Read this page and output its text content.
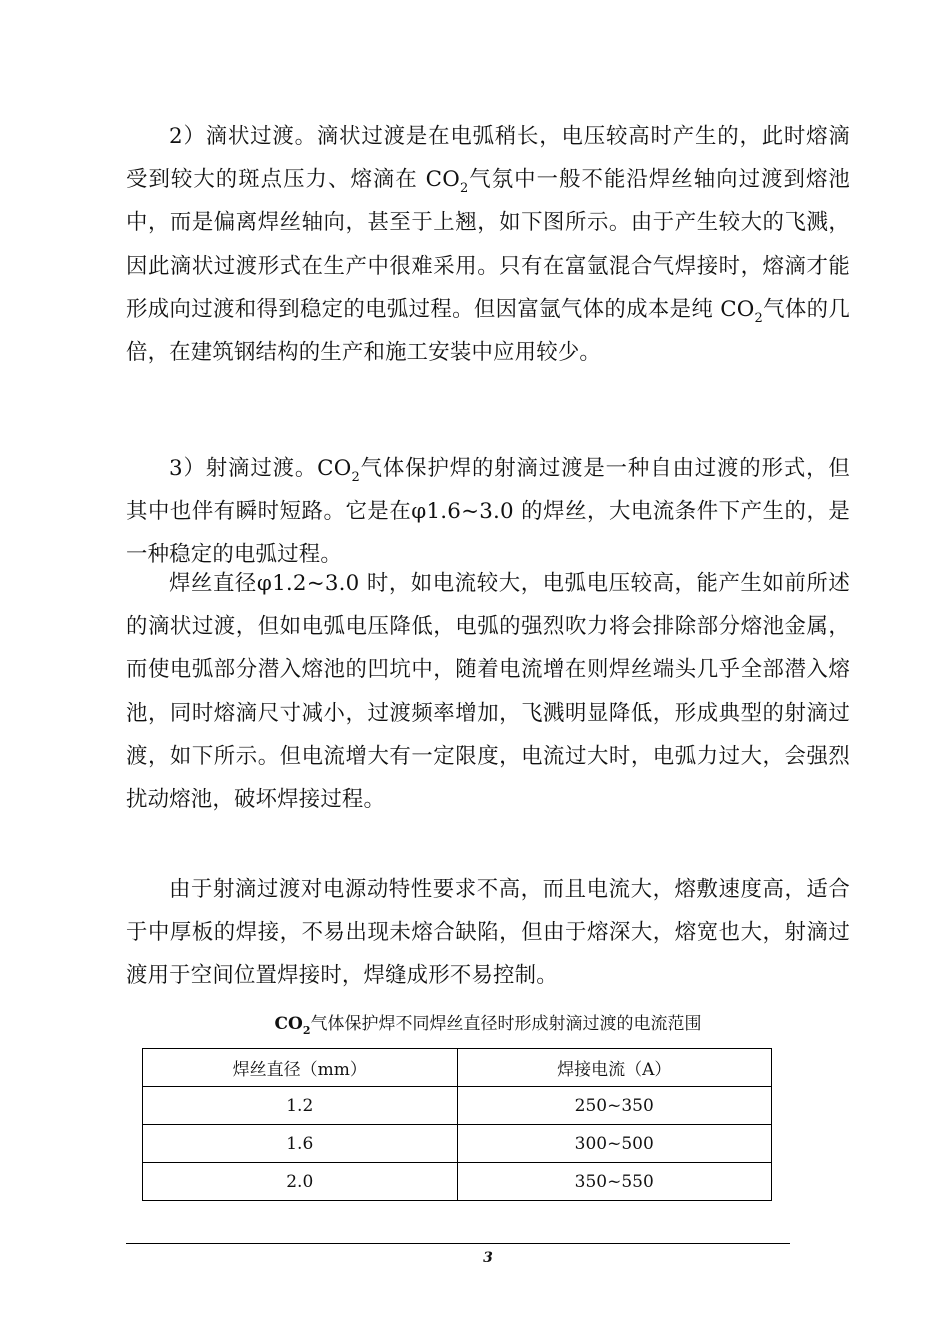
2）滴状过渡。滴状过渡是在电弧稍长，电压较高时产生的，此时熔滴受到较大的斑点压力、熔滴在 $CO_2$气氛中一般不能沿焊丝轴向过渡到熔池中，而是偏离焊丝轴向，甚至于上翘，如下图所示。由于产生较大的飞溅，因此滴状过渡形式在生产中很难采用。只有在富氩混合气焊接时，熔滴才能形成向过渡和得到稳定的电弧过程。但因富氩气体的成本是纯 $CO_2$气体的几倍，在建筑钢结构的生产和施工安装中应用较少。

3）射滴过渡。$CO_2$气体保护焊的射滴过渡是一种自由过渡的形式，但其中也伴有瞬时短路。它是在φ1.6~3.0 的焊丝，大电流条件下产生的，是一种稳定的电弧过程。

焊丝直径φ1.2~3.0 时，如电流较大，电弧电压较高，能产生如前所述的滴状过渡，但如电弧电压降低，电弧的强烈吹力将会排除部分熔池金属，而使电弧部分潜入熔池的凹坑中，随着电流增在则焊丝端头几乎全部潜入熔池，同时熔滴尺寸减小，过渡频率增加，飞溅明显降低，形成典型的射滴过渡，如下所示。但电流增大有一定限度，电流过大时，电弧力过大，会强烈扰动熔池，破坏焊接过程。

由于射滴过渡对电源动特性要求不高，而且电流大，熔敷速度高，适合于中厚板的焊接，不易出现未熔合缺陷，但由于熔深大，熔宽也大，射滴过渡用于空间位置焊接时，焊缝成形不易控制。

$CO_2$气体保护焊不同焊丝直径时形成射滴过渡的电流范围
焊丝直径（mm）	焊接电流（A）
1.2	250~350
1.6	300~500
2.0	350~550
3
